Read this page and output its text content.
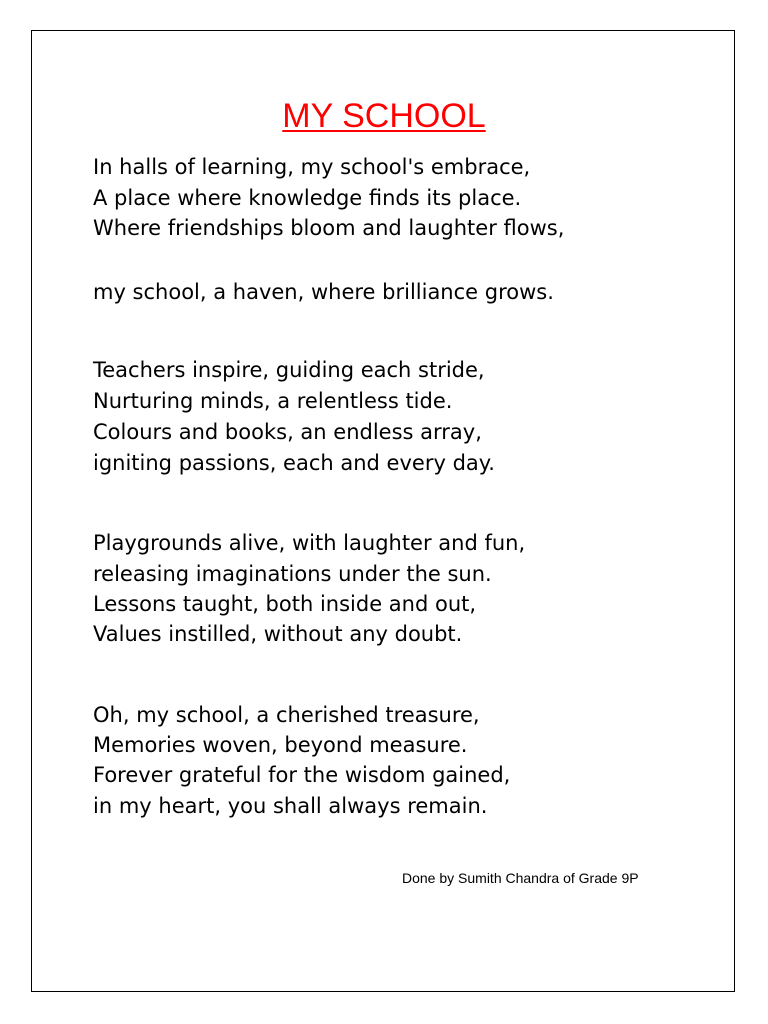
MY SCHOOL
In halls of learning, my school's embrace,
A place where knowledge finds its place.
Where friendships bloom and laughter flows,
my school, a haven, where brilliance grows.
Teachers inspire, guiding each stride,
Nurturing minds, a relentless tide.
Colours and books, an endless array,
igniting passions, each and every day.
Playgrounds alive, with laughter and fun,
releasing imaginations under the sun.
Lessons taught, both inside and out,
Values instilled, without any doubt.
Oh, my school, a cherished treasure,
Memories woven, beyond measure.
Forever grateful for the wisdom gained,
in my heart, you shall always remain.
Done by Sumith Chandra of Grade 9P
